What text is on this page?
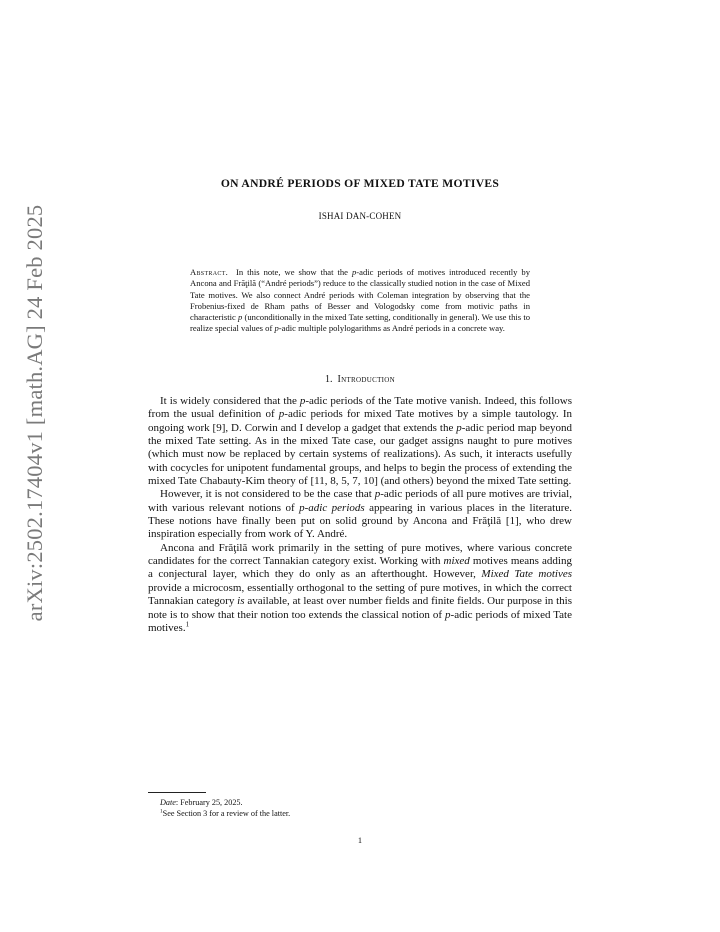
arXiv:2502.17404v1 [math.AG] 24 Feb 2025
ON ANDRÉ PERIODS OF MIXED TATE MOTIVES
ISHAI DAN-COHEN
Abstract. In this note, we show that the p-adic periods of motives introduced recently by Ancona and Frăţilă (“André periods”) reduce to the classically studied notion in the case of Mixed Tate motives. We also connect André periods with Coleman integration by observing that the Frobenius-fixed de Rham paths of Besser and Vologodsky come from motivic paths in characteristic p (unconditionally in the mixed Tate setting, conditionally in general). We use this to realize special values of p-adic multiple polylogarithms as André periods in a concrete way.
1. Introduction

It is widely considered that the p-adic periods of the Tate motive vanish. Indeed, this follows from the usual definition of p-adic periods for mixed Tate motives by a simple tautology. In ongoing work [9], D. Corwin and I develop a gadget that extends the p-adic period map beyond the mixed Tate setting. As in the mixed Tate case, our gadget assigns naught to pure motives (which must now be replaced by certain systems of realizations). As such, it interacts usefully with cocycles for unipotent fundamental groups, and helps to begin the process of extending the mixed Tate Chabauty-Kim theory of [11, 8, 5, 7, 10] (and others) beyond the mixed Tate setting.

However, it is not considered to be the case that p-adic periods of all pure motives are trivial, with various relevant notions of p-adic periods appearing in various places in the literature. These notions have finally been put on solid ground by Ancona and Frăţilă [1], who drew inspiration especially from work of Y. André.

Ancona and Frăţilă work primarily in the setting of pure motives, where various concrete candidates for the correct Tannakian category exist. Working with mixed motives means adding a conjectural layer, which they do only as an afterthought. However, Mixed Tate motives provide a microcosm, essentially orthogonal to the setting of pure motives, in which the correct Tannakian category is available, at least over number fields and finite fields. Our purpose in this note is to show that their notion too extends the classical notion of p-adic periods of mixed Tate motives.$^1$

Date: February 25, 2025.
$^1$See Section 3 for a review of the latter.
1
